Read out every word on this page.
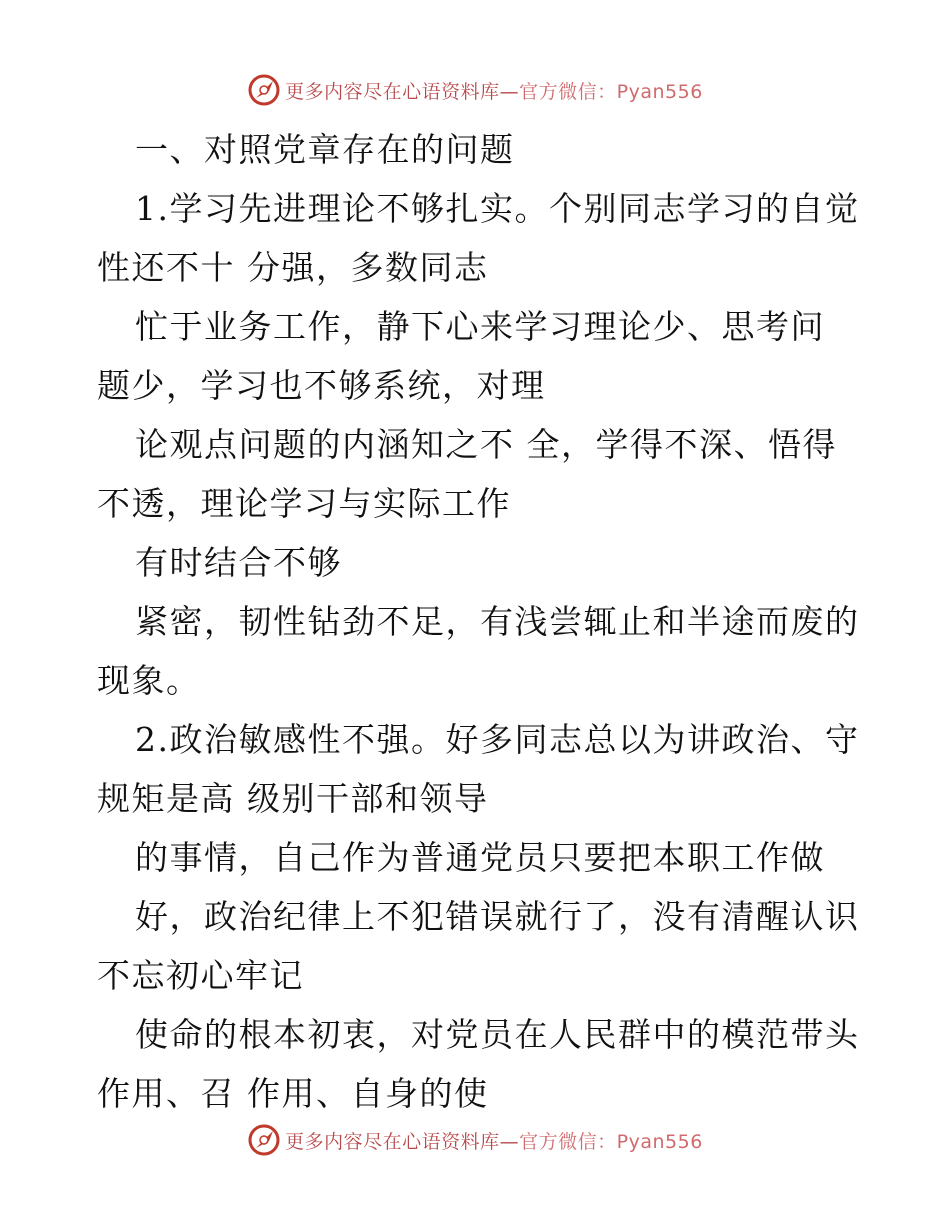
更多内容尽在心语资料库—官方微信：Pyan556
一、对照党章存在的问题
1.学习先进理论不够扎实。个别同志学习的自觉
性还不十 分强，多数同志
忙于业务工作，静下心来学习理论少、思考问
题少，学习也不够系统，对理
论观点问题的内涵知之不 全，学得不深、悟得
不透，理论学习与实际工作
有时结合不够
紧密，韧性钻劲不足，有浅尝辄止和半途而废的
现象。
2.政治敏感性不强。好多同志总以为讲政治、守
规矩是高 级别干部和领导
的事情，自己作为普通党员只要把本职工作做
好，政治纪律上不犯错误就行了，没有清醒认识
不忘初心牢记
使命的根本初衷，对党员在人民群中的模范带头
作用、召 作用、自身的使
更多内容尽在心语资料库—官方微信：Pyan556
